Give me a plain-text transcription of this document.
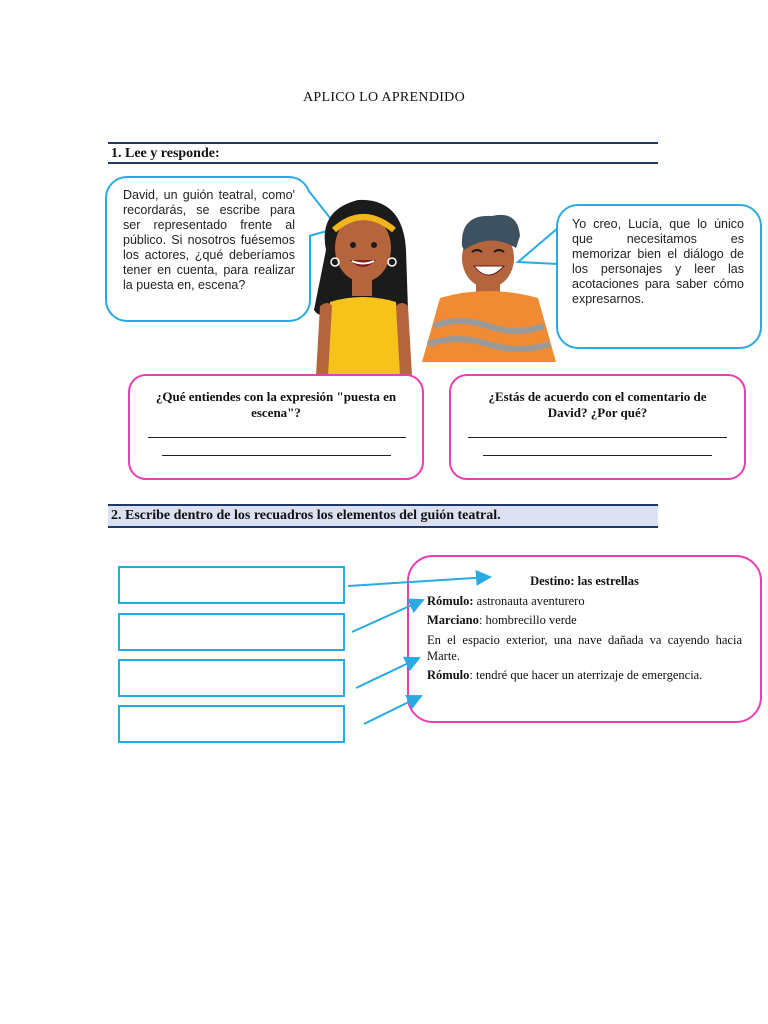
APLICO LO APRENDIDO
1. Lee y responde:
David, un guión teatral, como' recordarás, se escribe para ser representado frente al público. Si nosotros fuésemos los actores, ¿qué deberíamos tener en cuenta, para realizar la puesta en, escena?
Yo creo, Lucía, que lo único que necesitamos es memorizar bien el diálogo de los personajes y leer las acotaciones para saber cómo expresarnos.
¿Qué entiendes con la expresión "puesta en escena"?
¿Estás de acuerdo con el comentario de David? ¿Por qué?
2. Escribe dentro de los recuadros los elementos del guión teatral.

Destino: las estrellas

Rómulo: astronauta aventurero

Marciano: hombrecillo verde

En el espacio exterior, una nave dañada va cayendo hacia Marte.

Rómulo: tendré que hacer un aterrizaje de emergencia.
